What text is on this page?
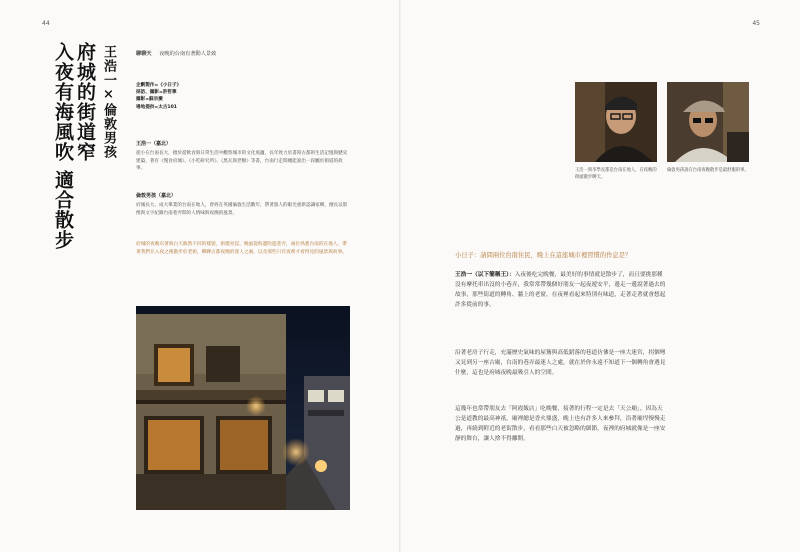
44	45
府城的街道窄
入夜有海風吹 適合散步 王浩一×倫敦男孩	聊聊天 夜晚的台南有著動人景致
企劃製作=《小日子》
採訪、攝影=許哲寧
攝影=蘇宗慶
場地提供=太古101
王浩一（嘉北）
從小在台南長大，擅於從飲食與日常生活中觀察城市的文化底蘊，長年致力於書寫古都的生活記憶與歷史建築，著有《慢食府城》、《小吃研究所》、《黑瓦與老樹》等書，台南行走間總能說出一段屬於街道的故事。
倫敦男孩（嘉北）
府城長大、成大畢業的台南在地人，曾經在英國倫敦生活數年，帶著旅人的眼光重新認識家鄉，擅長以影像與文字紀錄台南巷弄間的人情味與夜晚的風景。
府城的夜晚有著與白天截然不同的樣貌，街燈亮起、晚風從海邊吹進巷弄，兩位熟悉台南的在地人，帶著我們在入夜之後散步於老街，聊聊古都夜晚的迷人之處，以及那些只有夜裡才看得見的風景與故事。
王浩一與李學長都是台南在地人，在夜晚的街頭散步聊天。
倫敦男孩說在台南夜晚散步是最舒服的事。
小日子：請問兩位台南住民，晚上在這座城市裡習慣的作息是？
王浩一（以下簡稱王）：入夜後吃完晚餐，最美好的事情就是散步了，而且要挑那種沒有摩托車出沒的小巷弄，我常常帶幾個好朋友一起夜遊安平，邊走一邊說著過去的故事，那些街道的轉角、牆上的老窗，在夜裡看起來特別有味道，走著走著就會想起許多從前的事。
沿著老房子行走，充滿歷史氣味的屋簷與高低錯落的巷道彷彿是一座大迷宮，拐個彎又見到另一座古廟，台南的巷弄最迷人之處，就在於你永遠不知道下一個轉角會遇見什麼，這也是府城夜晚最吸引人的空間。
這幾年也常帶朋友去「阿霞飯店」吃晚餐，接著的行程一定是去「天公廟」，因為天公是道教的最高神祇，廟裡總是香火鼎盛，晚上也有許多人來參拜，沿著廟埕慢慢走過，再繞到附近的老街散步，看看那些白天被忽略的細節，夜裡的府城就像是一座安靜的舞台，讓人捨不得離開。
